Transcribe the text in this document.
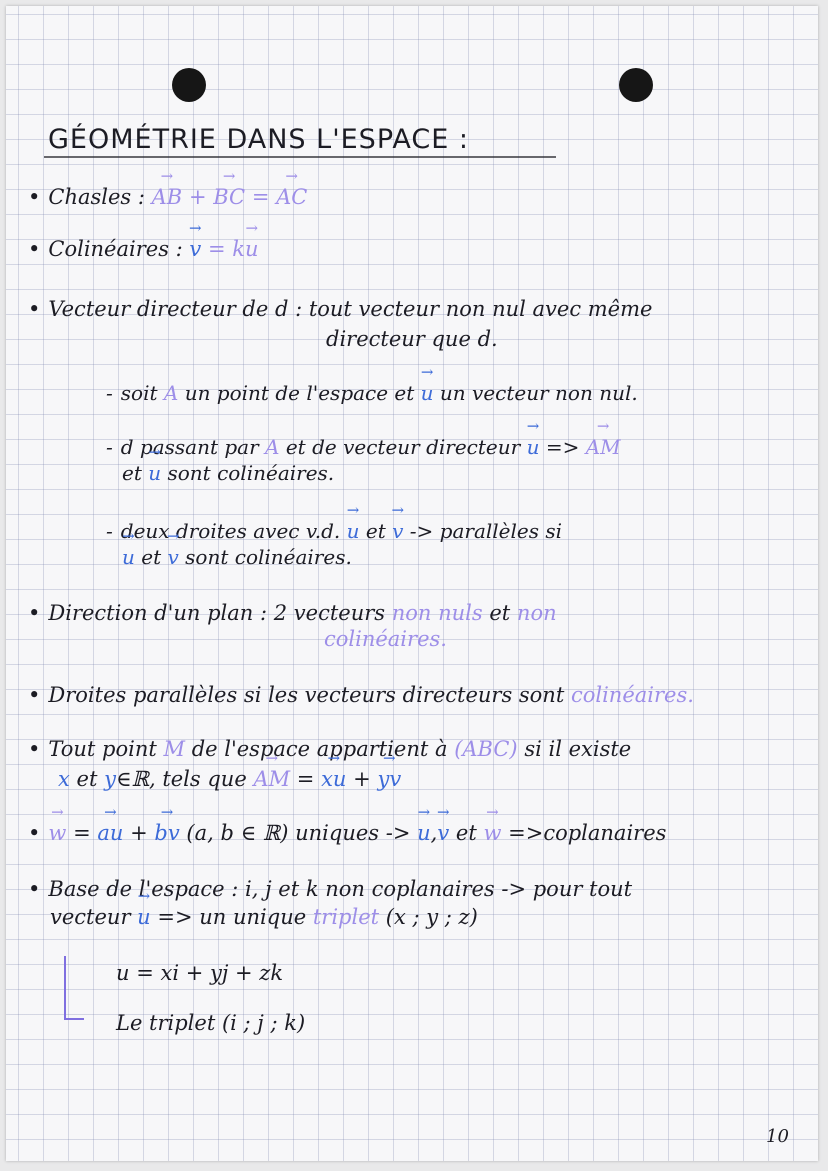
GÉOMÉTRIE DANS L'ESPACE :
• Chasles : → AB + → BC = → AC
• Colinéaires : → v = k→ u
• Vecteur directeur de d : tout vecteur non nul avec même
directeur que d.
- soit A un point de l'espace et → u un vecteur non nul.
- d passant par A et de vecteur directeur → u => → AM
et → u sont colinéaires.
- deux droites avec v.d. → u et → v -> parallèles si
→ u et → v sont colinéaires.
• Direction d'un plan : 2 vecteurs non nuls et non
colinéaires.
• Droites parallèles si les vecteurs directeurs sont colinéaires.
• Tout point M de l'espace appartient à (ABC) si il existe
x et y∈ℝ, tels que → AM = → xu + → yv
• → w = → au + → bv (a, b ∈ ℝ) uniques -> → u,→ v et → w =>coplanaires
• Base de l'espace : i, j et k non coplanaires -> pour tout
vecteur → u => un unique triplet (x ; y ; z)
u = xi + yj + zk
Le triplet (i ; j ; k)
10
